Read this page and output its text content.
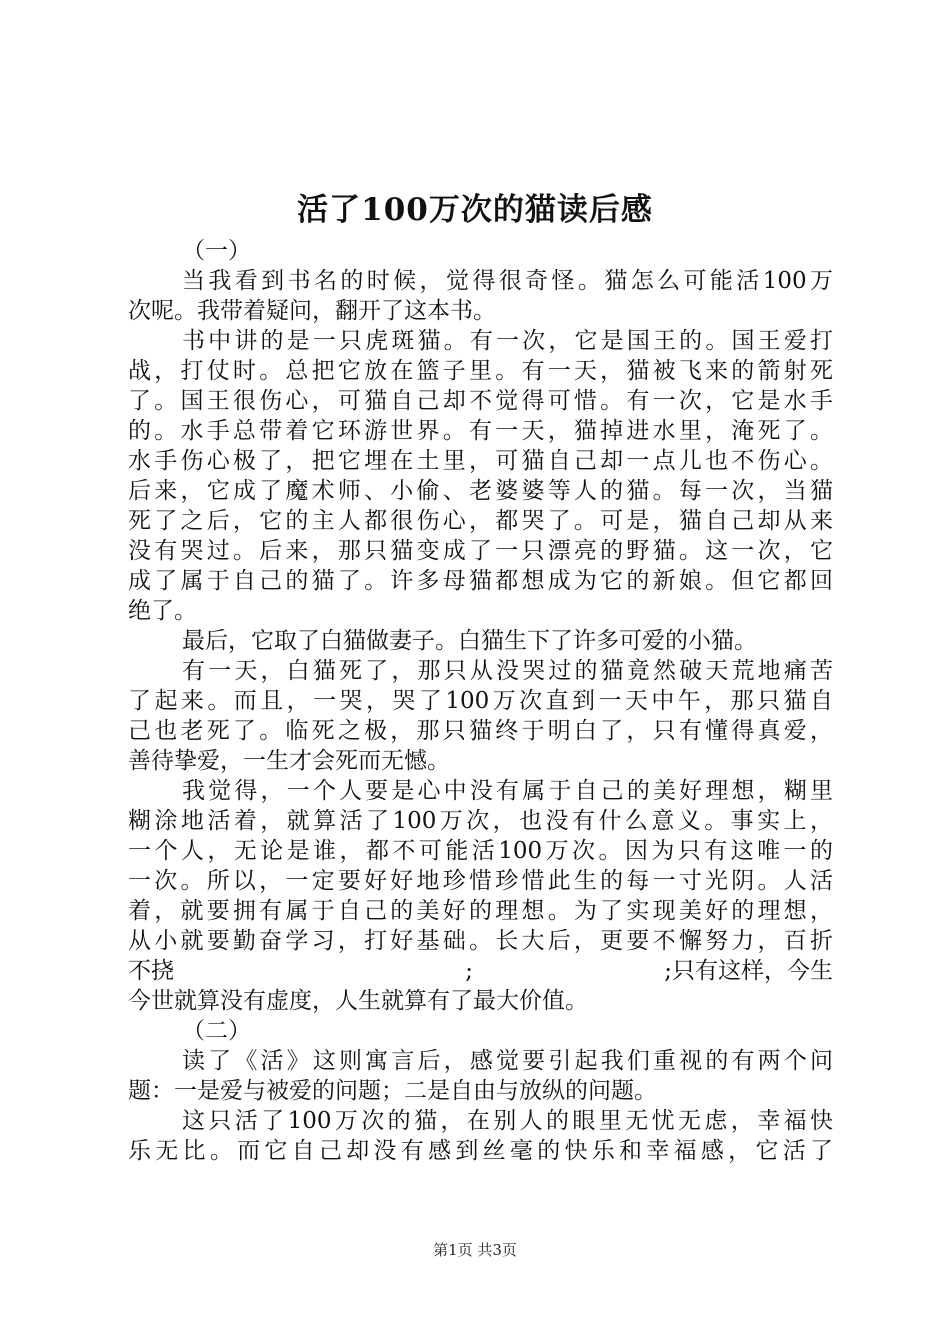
活了100万次的猫读后感
（一）
当我看到书名的时候，觉得很奇怪。猫怎么可能活100万
次呢。我带着疑问，翻开了这本书。
书中讲的是一只虎斑猫。有一次，它是国王的。国王爱打
战，打仗时。总把它放在篮子里。有一天，猫被飞来的箭射死
了。国王很伤心，可猫自己却不觉得可惜。有一次，它是水手
的。水手总带着它环游世界。有一天，猫掉进水里，淹死了。
水手伤心极了，把它埋在土里，可猫自己却一点儿也不伤心。
后来，它成了魔术师、小偷、老婆婆等人的猫。每一次，当猫
死了之后，它的主人都很伤心，都哭了。可是，猫自己却从来
没有哭过。后来，那只猫变成了一只漂亮的野猫。这一次，它
成了属于自己的猫了。许多母猫都想成为它的新娘。但它都回
绝了。
最后，它取了白猫做妻子。白猫生下了许多可爱的小猫。
有一天，白猫死了，那只从没哭过的猫竟然破天荒地痛苦
了起来。而且，一哭，哭了100万次直到一天中午，那只猫自
己也老死了。临死之极，那只猫终于明白了，只有懂得真爱，
善待挚爱，一生才会死而无憾。
我觉得，一个人要是心中没有属于自己的美好理想，糊里
糊涂地活着，就算活了100万次，也没有什么意义。事实上，
一个人，无论是谁，都不可能活100万次。因为只有这唯一的
一次。所以，一定要好好地珍惜珍惜此生的每一寸光阴。人活
着，就要拥有属于自己的美好的理想。为了实现美好的理想，
从小就要勤奋学习，打好基础。长大后，更要不懈努力，百折
不挠	;	;只有这样，今生
今世就算没有虚度，人生就算有了最大价值。
（二）
读了《活》这则寓言后，感觉要引起我们重视的有两个问
题：一是爱与被爱的问题；二是自由与放纵的问题。
这只活了100万次的猫，在别人的眼里无忧无虑，幸福快
乐无比。而它自己却没有感到丝毫的快乐和幸福感，它活了
第1页 共3页
